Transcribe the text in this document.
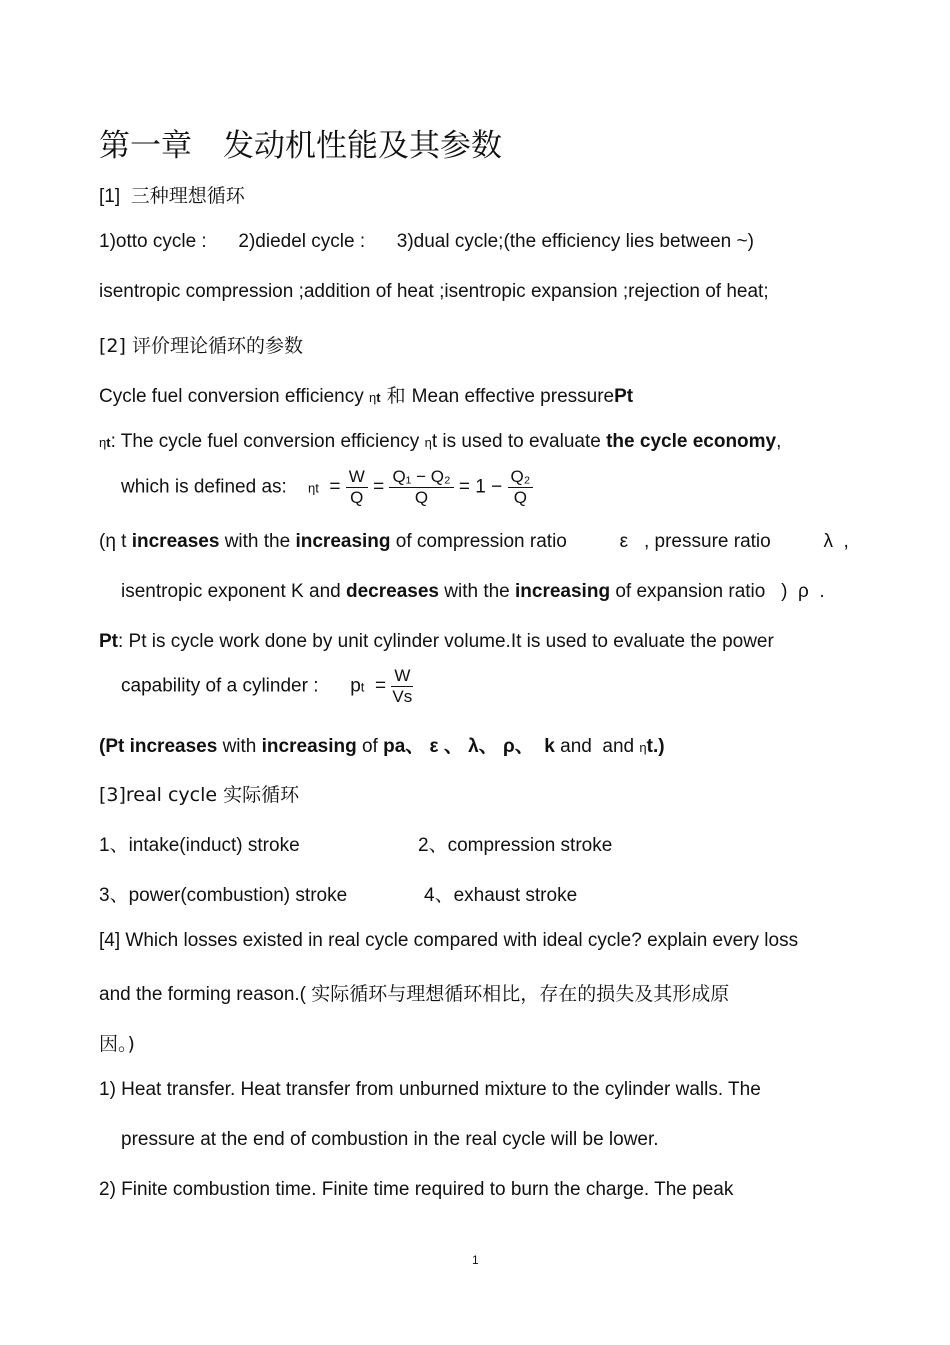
第一章　发动机性能及其参数
[1] 三种理想循环
1)otto cycle :      2)diedel cycle :      3)dual cycle;(the efficiency lies between ~)
isentropic compression ;addition of heat ;isentropic expansion ;rejection of heat;
[2] 评价理论循环的参数
Cycle fuel conversion efficiency ηt 和 Mean effective pressurePt
ηt: The cycle fuel conversion efficiency ηt is used to evaluate the cycle economy,
which is defined as: $\eta t = \frac{W}{Q} = \frac{\text{Q₁ − Q₂}}{Q} = 1 - \frac{\text{Q₂}}{Q}$
(η t increases with the increasing of compression ratio	ε   , pressure ratio	λ  ,
isentropic exponent K and decreases with the increasing of expansion ratio   )  ρ  .
Pt: Pt is cycle work done by unit cylinder volume.It is used to evaluate the power
capability of a cylinder : pt  = $\frac{W}{Vs}$
(Pt increases with increasing of pa、 ε 、 λ、 ρ、  k and  and ηt.)
[3]real cycle 实际循环
1、intake(induct) stroke	2、compression stroke
3、power(combustion) stroke	4、exhaust stroke
[4] Which losses existed in real cycle compared with ideal cycle? explain every loss
and the forming reason.( 实际循环与理想循环相比，存在的损失及其形成原
因。)
1) Heat transfer. Heat transfer from unburned mixture to the cylinder walls. The
pressure at the end of combustion in the real cycle will be lower.
2) Finite combustion time. Finite time required to burn the charge. The peak
1
